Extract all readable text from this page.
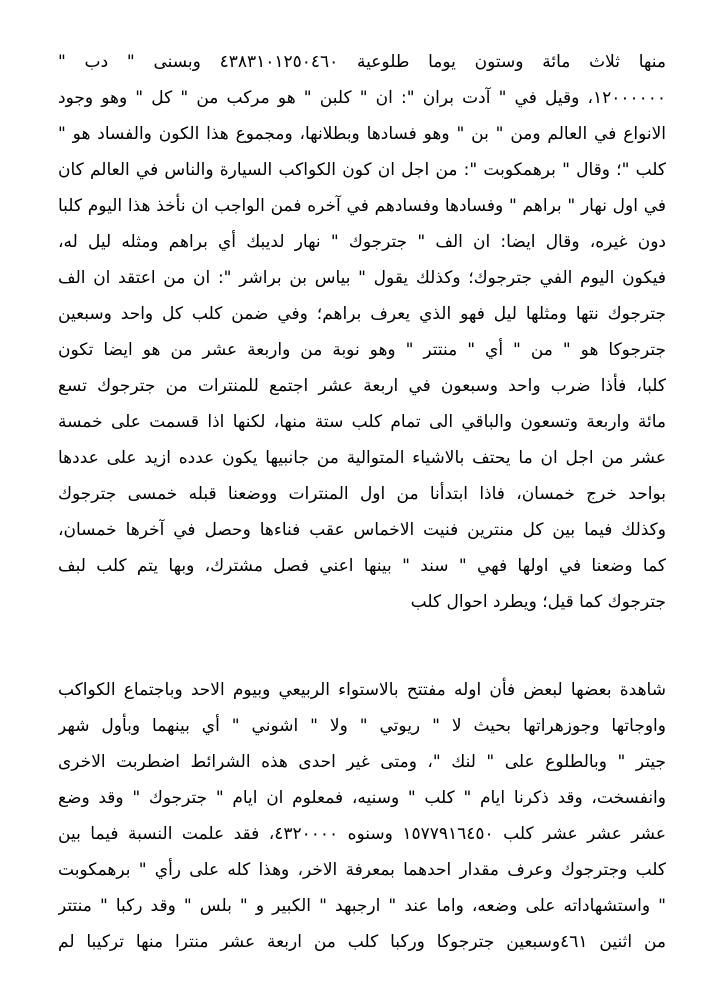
منها ثلاث مائة وستون يوما طلوعية ٤٣٨٣١٠١٢٥٠٤٦٠ وبسنى " دب "
١٢٠٠٠٠٠٠، وقيل في " آدت بران ": ان " كلبن " هو مركب من " كل " وهو وجود
الانواع في العالم ومن " بن " وهو فسادها وبطلانها، ومجموع هذا الكون والفساد هو "
كلب "؛ وقال " برهمكوبت ": من اجل ان كون الكواكب السيارة والناس في العالم كان
في اول نهار " براهم " وفسادها وفسادهم في آخره فمن الواجب ان نأخذ هذا اليوم كلبا
دون غيره، وقال ايضا: ان الف " جترجوك " نهار لديبك أي براهم ومثله ليل له،
فيكون اليوم الفي جترجوك؛ وكذلك يقول " بياس بن براشر ": ان من اعتقد ان الف
جترجوك نتها ومثلها ليل فهو الذي يعرف براهم؛ وفي ضمن كلب كل واحد وسبعين
جترجوكا هو " من " أي " منتتر " وهو نوبة من واربعة عشر من هو ايضا تكون
كلبا، فأذا ضرب واحد وسبعون في اربعة عشر اجتمع للمنترات من جترجوك تسع
مائة واربعة وتسعون والباقي الى تمام كلب ستة منها، لكنها اذا قسمت على خمسة
عشر من اجل ان ما يحتف بالاشياء المتوالية من جانبيها يكون عدده ازيد على عددها
بواحد خرج خمسان، فاذا ابتدأنا من اول المنترات ووضعنا قبله خمسى جترجوك
وكذلك فيما بين كل منترين فنيت الاخماس عقب فناءها وحصل في آخرها خمسان،
كما وضعنا في اولها فهي " سند " بينها اعني فصل مشترك، وبها يتم كلب لبف
جترجوك كما قيل؛ ويطرد احوال كلب
شاهدة بعضها لبعض فأن اوله مفتتح بالاستواء الربيعي وبيوم الاحد وباجتماع الكواكب
واوجاتها وجوزهراتها بحيث لا " ريوتي " ولا " اشوني " أي بينهما وبأول شهر
جيتر " وبالطلوع على " لنك "، ومتى غير احدى هذه الشرائط اضطربت الاخرى
وانفسخت، وقد ذكرنا ايام " كلب " وسنيه، فمعلوم ان ايام " جترجوك " وقد وضع
عشر عشر عشر كلب ١٥٧٧٩١٦٤٥٠ وسنوه ٤٣٢٠٠٠٠، فقد علمت النسبة فيما بين
كلب وجترجوك وعرف مقدار احدهما بمعرفة الاخر، وهذا كله على رأي " برهمكوبت
" واستشهاداته على وضعه، واما عند " ارجبهد " الكبير و " بلس " وقد ركبا " منتتر
من اثنين ٤٦١وسبعين جترجوكا وركبا كلب من اربعة عشر منترا منها تركيبا لم
